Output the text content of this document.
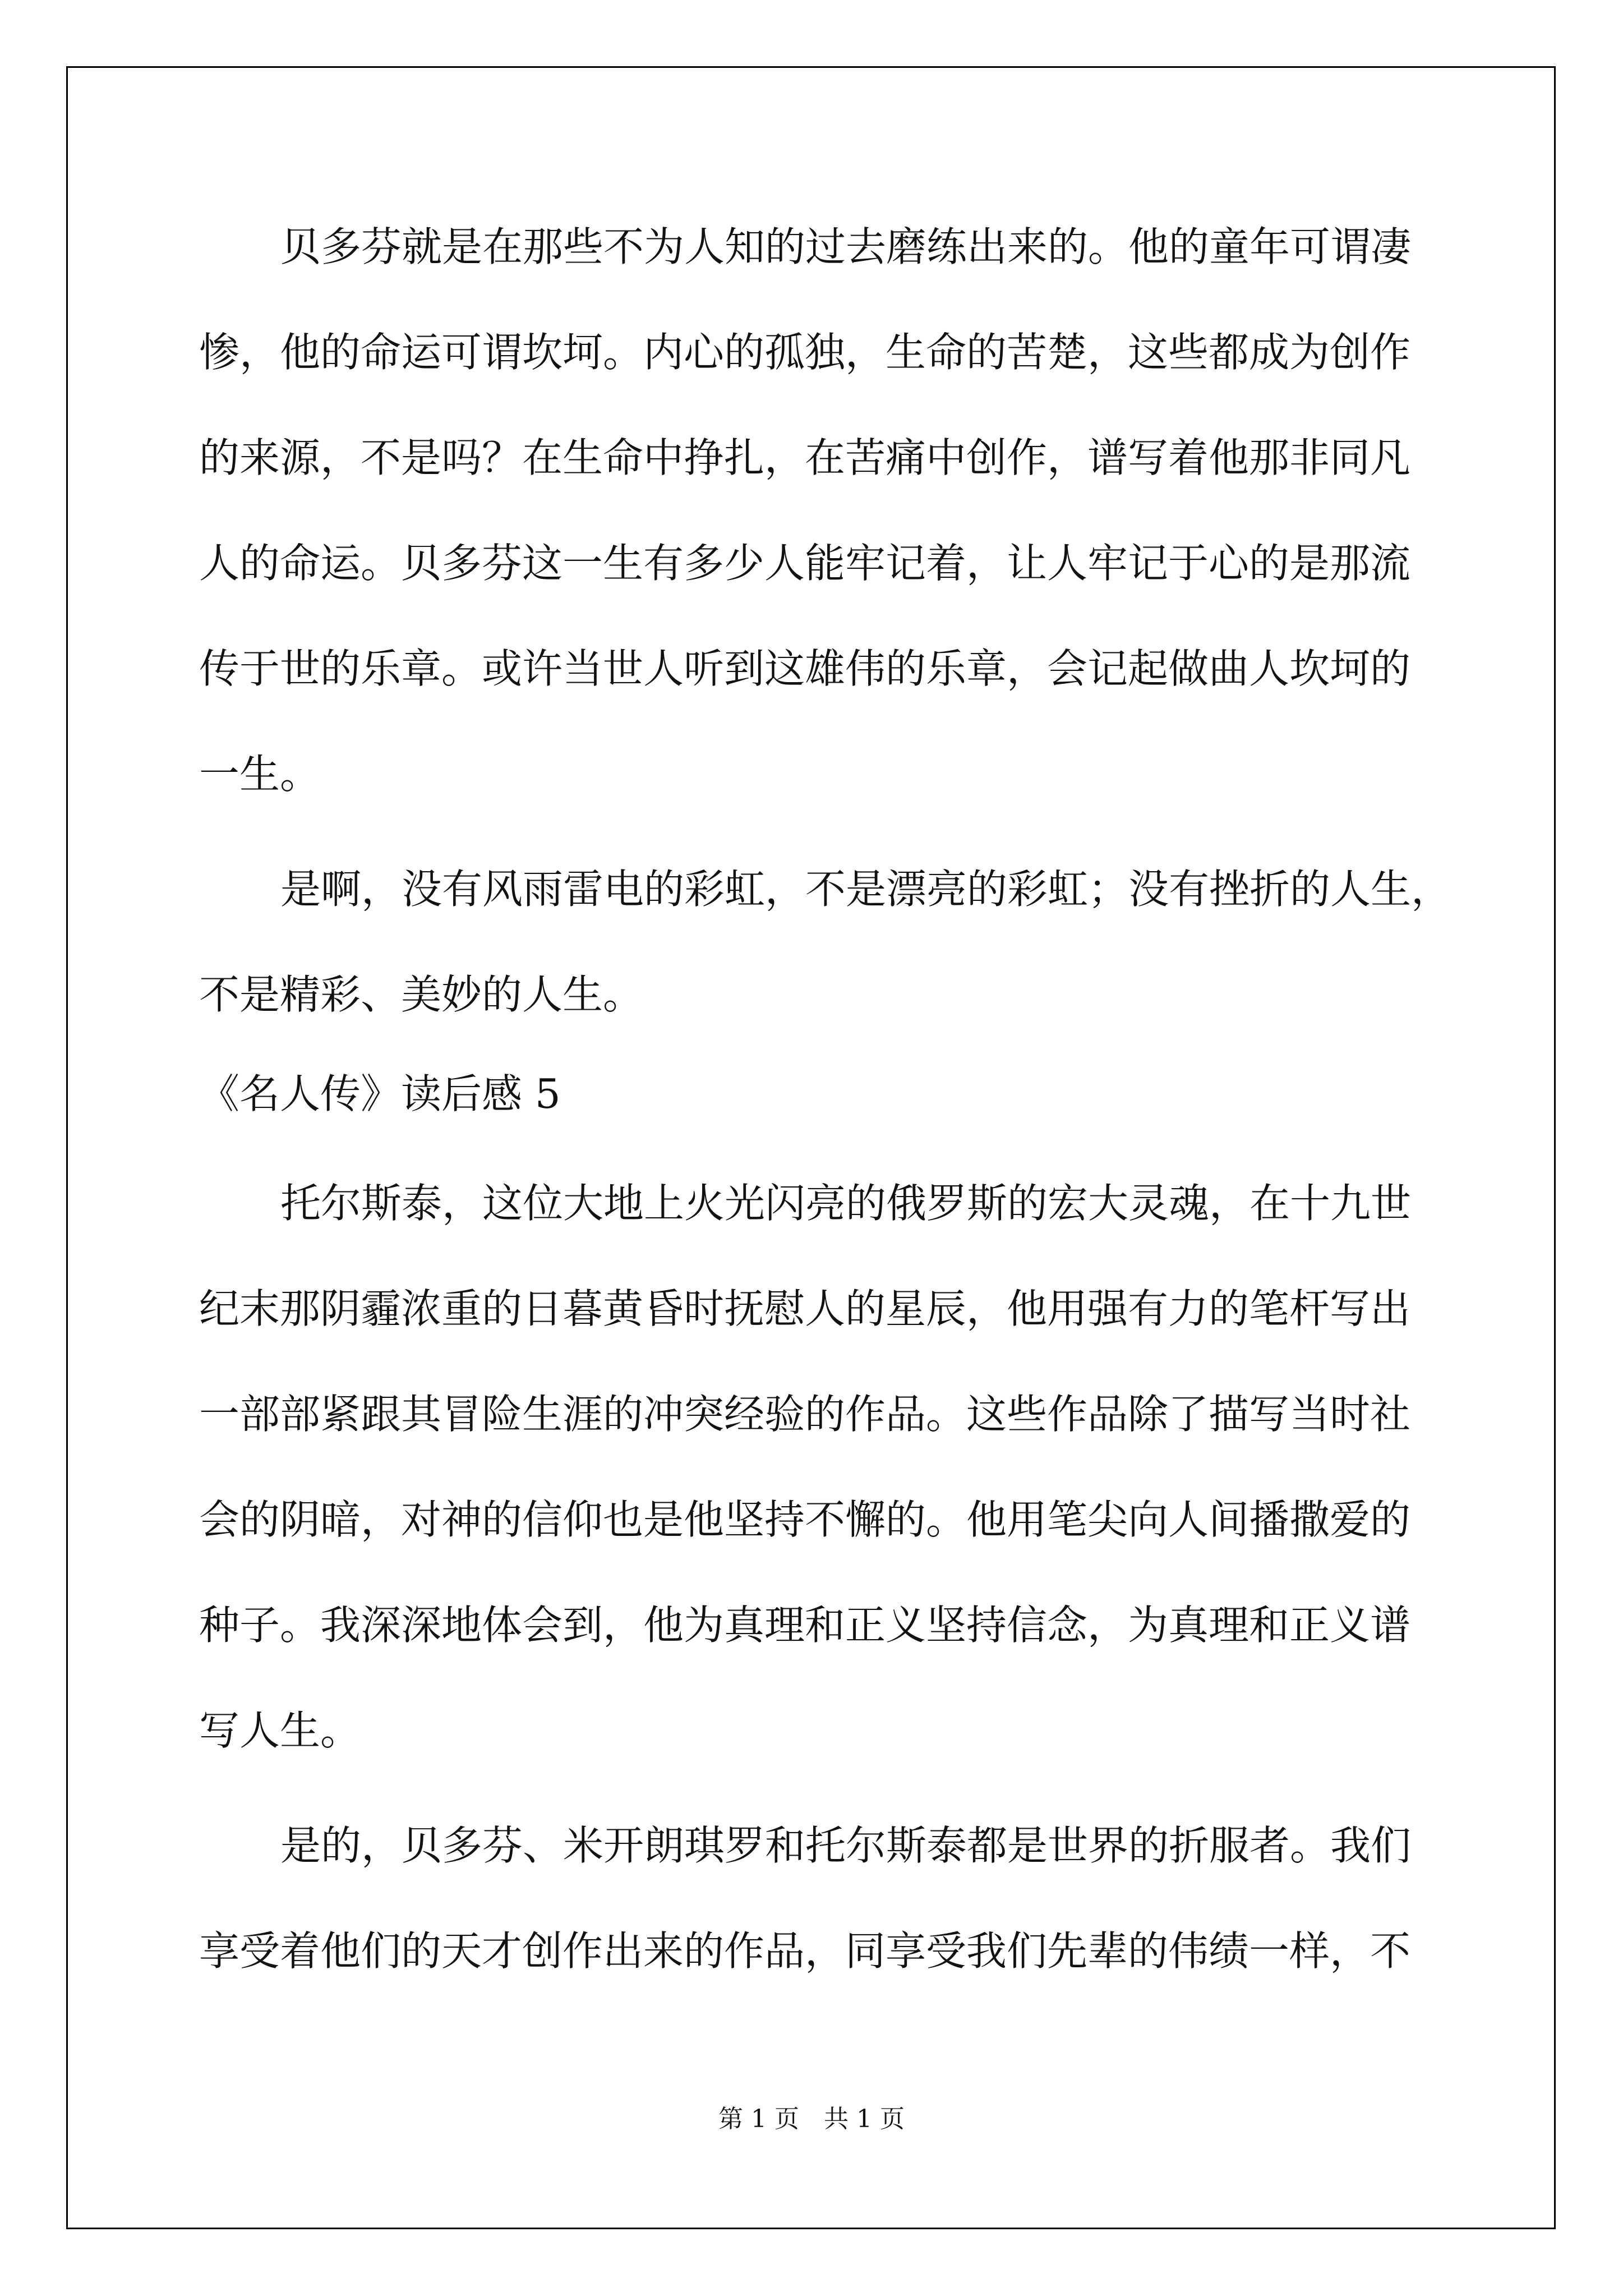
贝多芬就是在那些不为人知的过去磨练出来的。他的童年可谓凄

惨，他的命运可谓坎坷。内心的孤独，生命的苦楚，这些都成为创作

的来源，不是吗？在生命中挣扎，在苦痛中创作，谱写着他那非同凡

人的命运。贝多芬这一生有多少人能牢记着，让人牢记于心的是那流

传于世的乐章。或许当世人听到这雄伟的乐章，会记起做曲人坎坷的

一生。

是啊，没有风雨雷电的彩虹，不是漂亮的彩虹；没有挫折的人生，

不是精彩、美妙的人生。

《名人传》读后感 5

托尔斯泰，这位大地上火光闪亮的俄罗斯的宏大灵魂，在十九世

纪末那阴霾浓重的日暮黄昏时抚慰人的星辰，他用强有力的笔杆写出

一部部紧跟其冒险生涯的冲突经验的作品。这些作品除了描写当时社

会的阴暗，对神的信仰也是他坚持不懈的。他用笔尖向人间播撒爱的

种子。我深深地体会到，他为真理和正义坚持信念，为真理和正义谱

写人生。

是的，贝多芬、米开朗琪罗和托尔斯泰都是世界的折服者。我们

享受着他们的天才创作出来的作品，同享受我们先辈的伟绩一样，不

第 1 页　共 1 页
